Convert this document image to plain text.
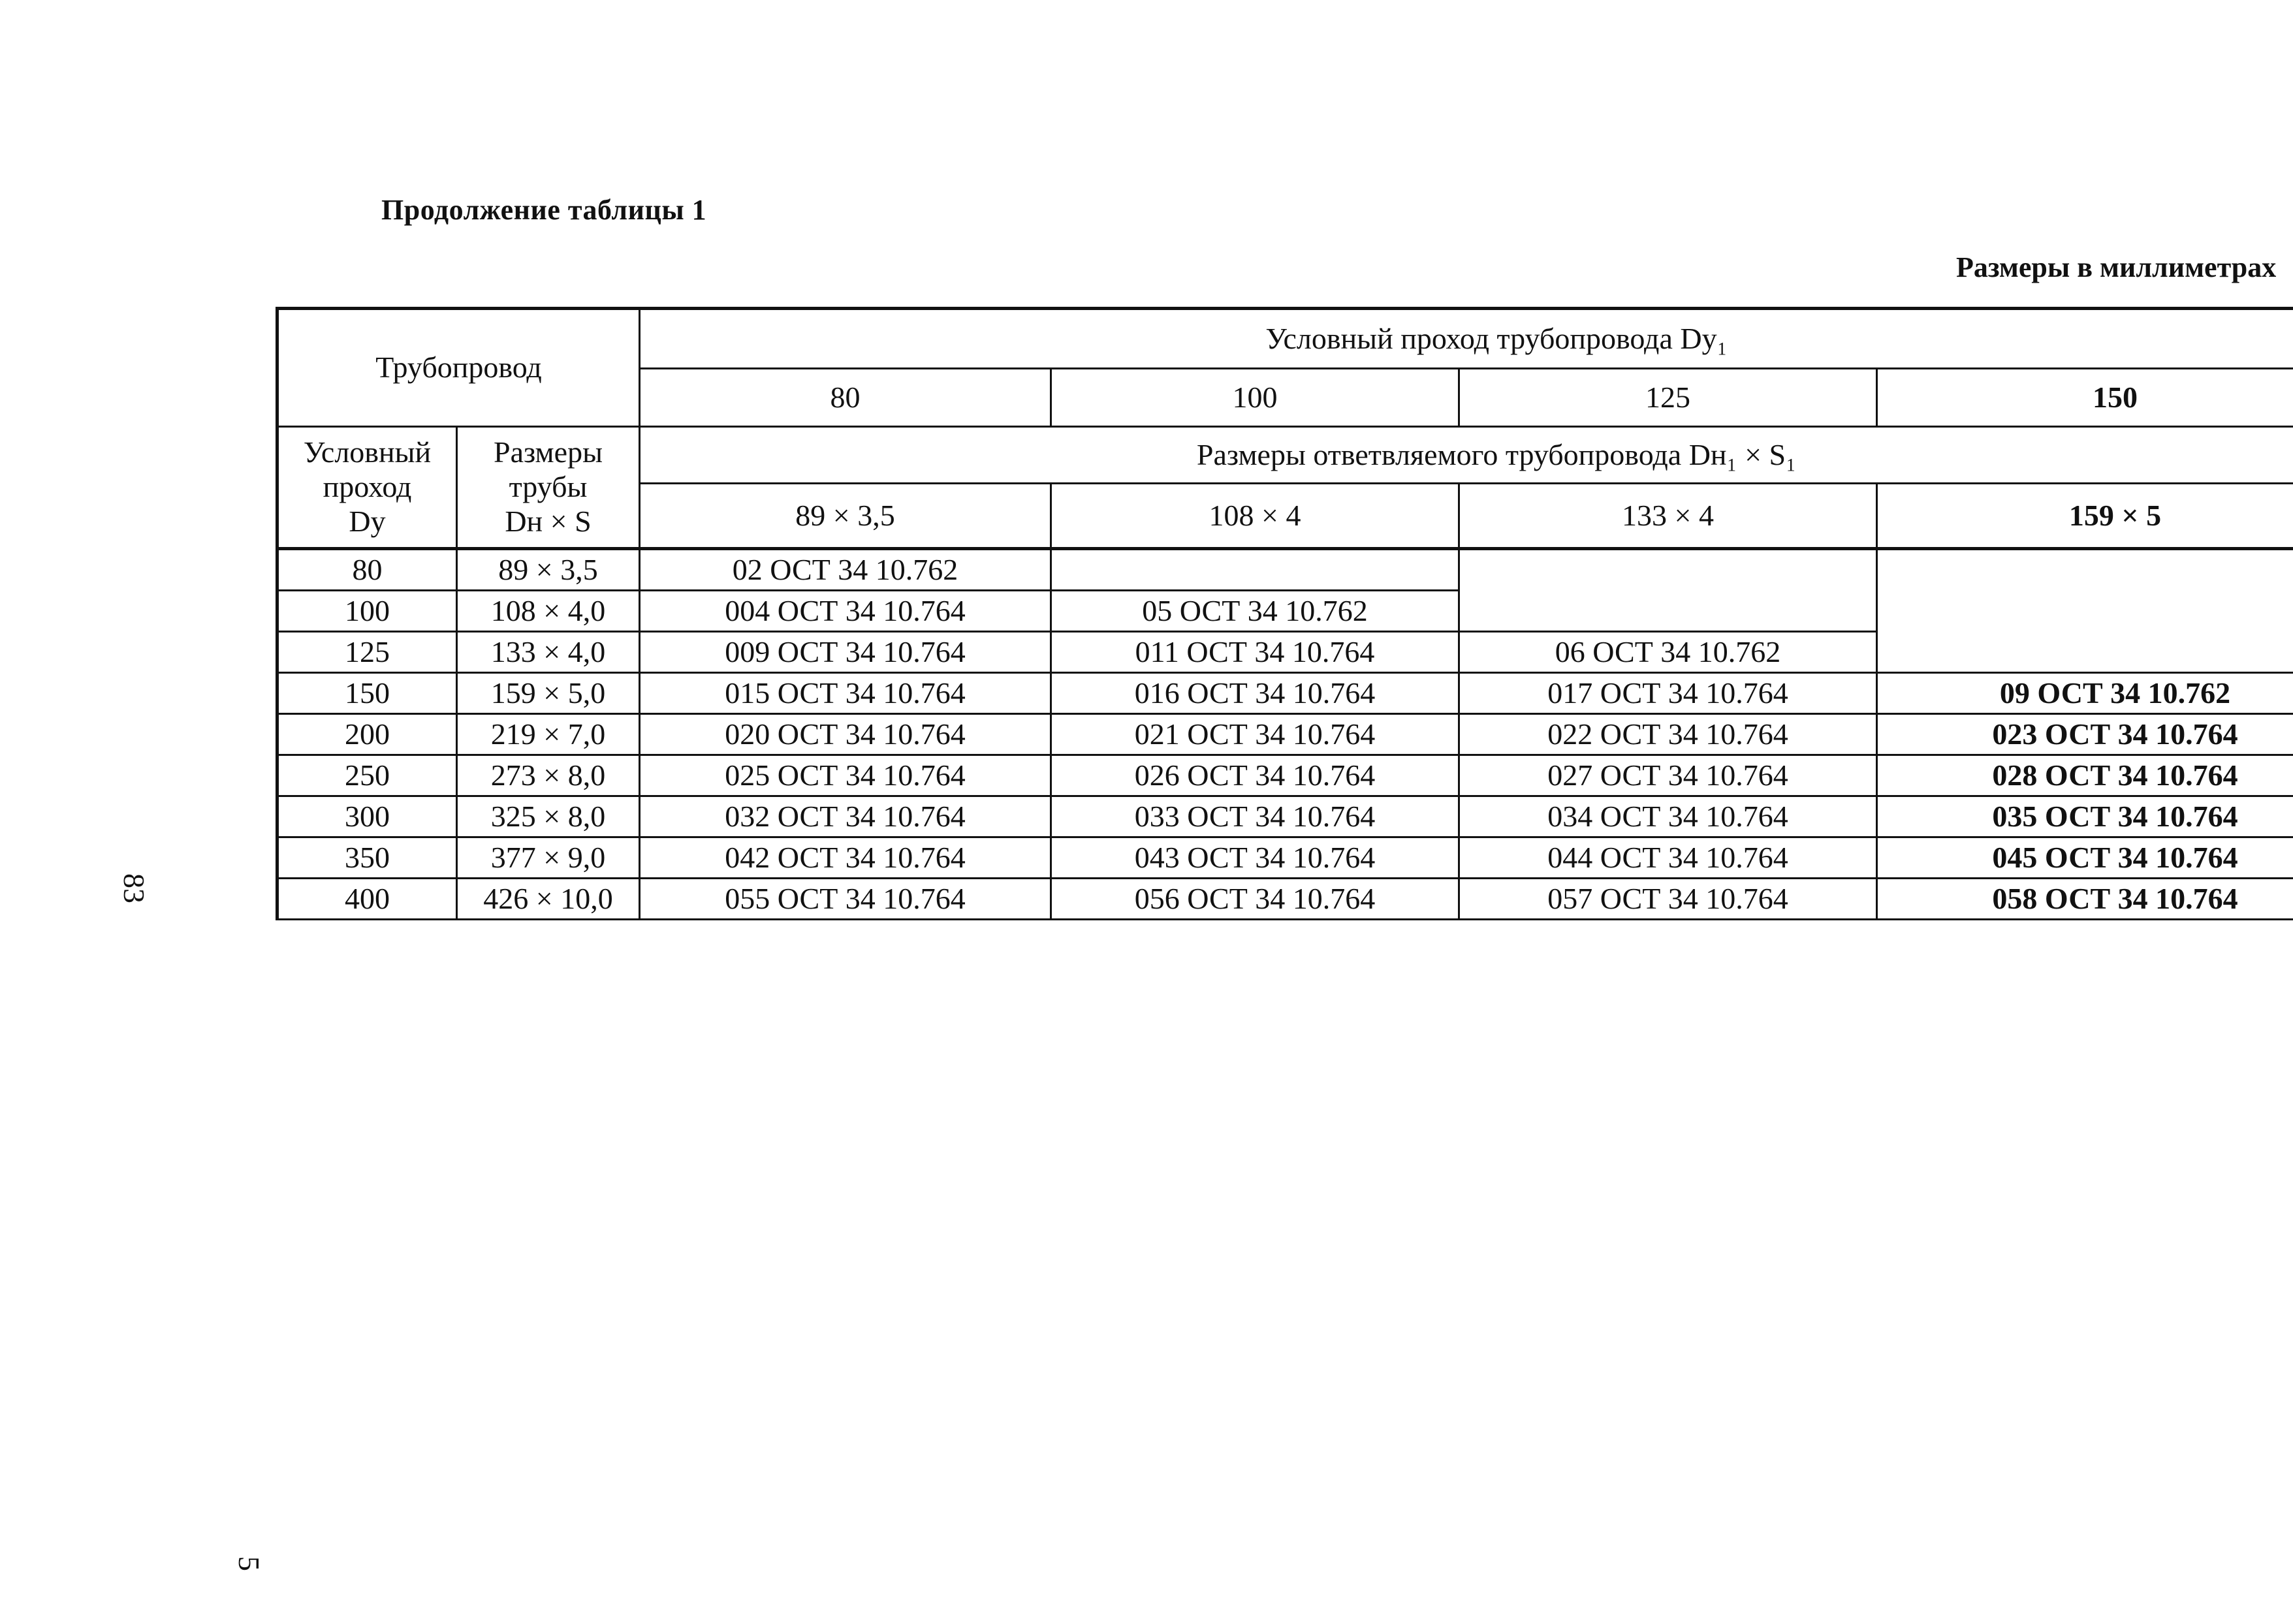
Продолжение таблицы 1
Размеры в миллиметрах
83
5
Трубопровод		Условный проход трубопровода Dy₁			
		80	100	125	150

Условный
проход
Dy	Размеры
трубы
Dн × S	Размеры ответвляемого трубопровода Dн₁ × S₁			
		89 × 3,5	108 × 4	133 × 4	159 × 5
80	89 × 3,5	02 ОСТ 34 10.762			
100	108 × 4,0	004 ОСТ 34 10.764	05 ОСТ 34 10.762		
125	133 × 4,0	009 ОСТ 34 10.764	011 ОСТ 34 10.764	06 ОСТ 34 10.762	
150	159 × 5,0	015 ОСТ 34 10.764	016 ОСТ 34 10.764	017 ОСТ 34 10.764	09 ОСТ 34 10.762
200	219 × 7,0	020 ОСТ 34 10.764	021 ОСТ 34 10.764	022 ОСТ 34 10.764	023 ОСТ 34 10.764
250	273 × 8,0	025 ОСТ 34 10.764	026 ОСТ 34 10.764	027 ОСТ 34 10.764	028 ОСТ 34 10.764
300	325 × 8,0	032 ОСТ 34 10.764	033 ОСТ 34 10.764	034 ОСТ 34 10.764	035 ОСТ 34 10.764
350	377 × 9,0	042 ОСТ 34 10.764	043 ОСТ 34 10.764	044 ОСТ 34 10.764	045 ОСТ 34 10.764
400	426 × 10,0	055 ОСТ 34 10.764	056 ОСТ 34 10.764	057 ОСТ 34 10.764	058 ОСТ 34 10.764
